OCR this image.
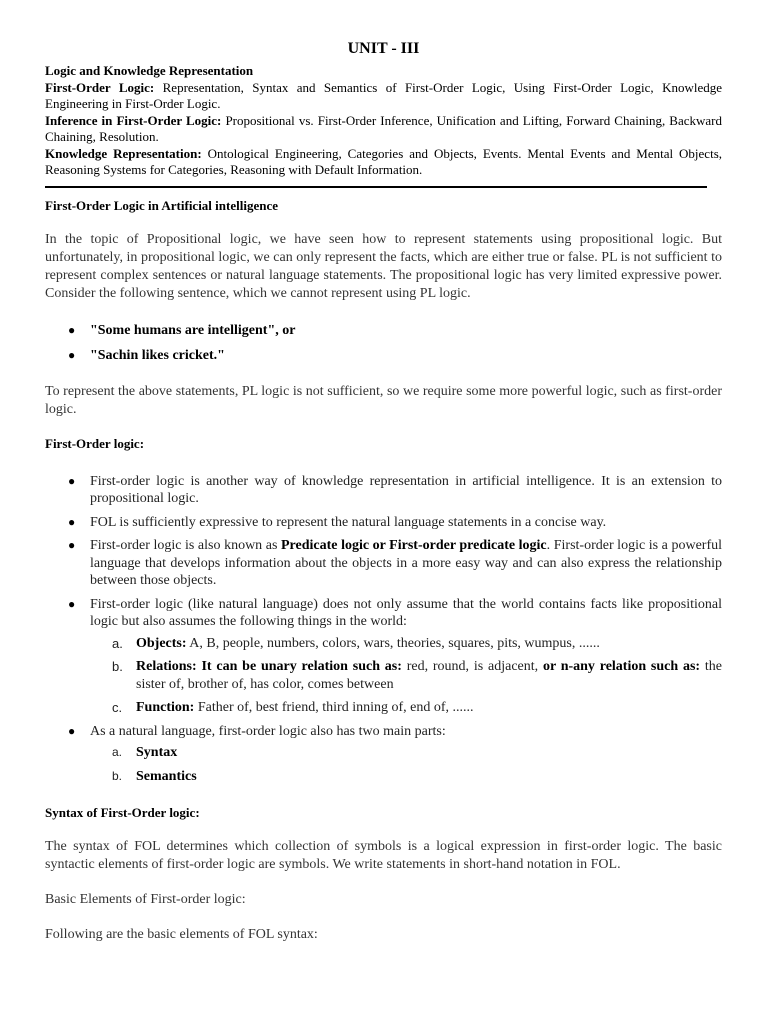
UNIT - III

Logic and Knowledge Representation

First-Order Logic: Representation, Syntax and Semantics of First-Order Logic, Using First-Order Logic, Knowledge Engineering in First-Order Logic.

Inference in First-Order Logic: Propositional vs. First-Order Inference, Unification and Lifting, Forward Chaining, Backward Chaining, Resolution.

Knowledge Representation: Ontological Engineering, Categories and Objects, Events. Mental Events and Mental Objects, Reasoning Systems for Categories, Reasoning with Default Information.

First-Order Logic in Artificial intelligence

In the topic of Propositional logic, we have seen how to represent statements using propositional logic. But unfortunately, in propositional logic, we can only represent the facts, which are either true or false. PL is not sufficient to represent complex sentences or natural language statements. The propositional logic has very limited expressive power. Consider the following sentence, which we cannot represent using PL logic.

● "Some humans are intelligent", or
● "Sachin likes cricket."

To represent the above statements, PL logic is not sufficient, so we require some more powerful logic, such as first-order logic.

First-Order logic:
● First-order logic is another way of knowledge representation in artificial intelligence. It is an extension to propositional logic.
● FOL is sufficiently expressive to represent the natural language statements in a concise way.
● First-order logic is also known as Predicate logic or First-order predicate logic. First-order logic is a powerful language that develops information about the objects in a more easy way and can also express the relationship between those objects.
● First-order logic (like natural language) does not only assume that the world contains facts like propositional logic but also assumes the following things in the world:
a. Objects: A, B, people, numbers, colors, wars, theories, squares, pits, wumpus, ......
b. Relations: It can be unary relation such as: red, round, is adjacent, or n-any relation such as: the sister of, brother of, has color, comes between
c. Function: Father of, best friend, third inning of, end of, ......
● As a natural language, first-order logic also has two main parts:
a. Syntax
b. Semantics
Syntax of First-Order logic:

The syntax of FOL determines which collection of symbols is a logical expression in first-order logic. The basic syntactic elements of first-order logic are symbols. We write statements in short-hand notation in FOL.

Basic Elements of First-order logic:

Following are the basic elements of FOL syntax:
